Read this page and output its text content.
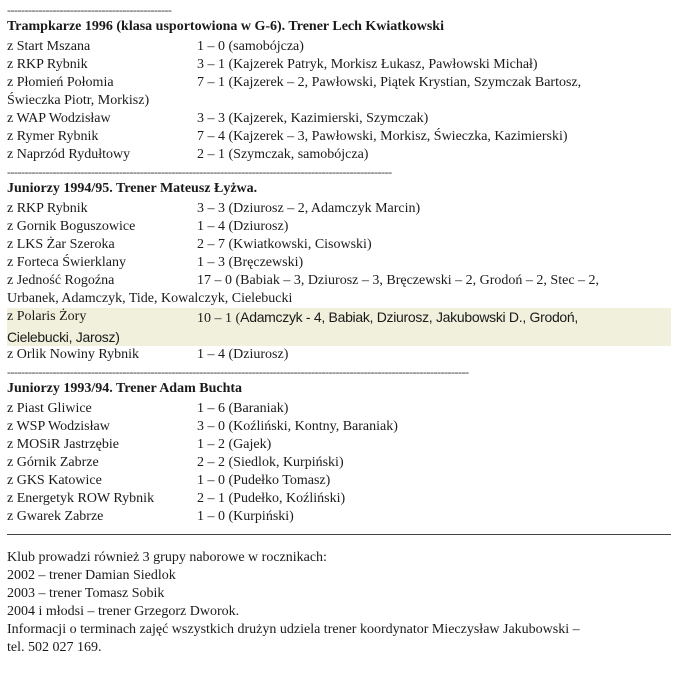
-----------------------------------------------
Trampkarze 1996 (klasa usportowiona w G-6). Trener Lech Kwiatkowski
z Start Mszana	1 – 0 (samobójcza)
z RKP Rybnik	3 – 1 (Kajzerek Patryk, Morkisz Łukasz, Pawłowski Michał)
z Płomień Połomia	7 – 1 (Kajzerek – 2, Pawłowski, Piątek Krystian, Szymczak Bartosz,
Świeczka Piotr, Morkisz)	
z WAP Wodzisław	3 – 3 (Kajzerek, Kazimierski, Szymczak)
z Rymer Rybnik	7 – 4 (Kajzerek – 3, Pawłowski, Morkisz, Świeczka, Kazimierski)
z Naprzód Rydułtowy	2 – 1 (Szymczak, samobójcza)
--------------------------------------------------------------------------------------------------------------
Juniorzy 1994/95. Trener Mateusz Łyżwa.
z RKP Rybnik	3 – 3 (Dziurosz – 2, Adamczyk Marcin)
z Gornik Boguszowice	1 – 4 (Dziurosz)
z LKS Żar Szeroka	2 – 7 (Kwiatkowski, Cisowski)
z Forteca Świerklany	1 – 3 (Bręczewski)
z Jedność Rogoźna	17 – 0 (Babiak – 3, Dziurosz – 3, Bręczewski – 2, Grodoń – 2, Stec – 2,
Urbanek, Adamczyk, Tide, Kowalczyk, Cielebucki	
z Polaris Żory	10 – 1 (Adamczyk - 4, Babiak, Dziurosz, Jakubowski D., Grodoń,
Cielebucki, Jarosz)	
z Orlik Nowiny Rybnik	1 – 4 (Dziurosz)
------------------------------------------------------------------------------------------------------------------------------------
Juniorzy 1993/94. Trener Adam Buchta
z Piast Gliwice	1 – 6 (Baraniak)
z WSP Wodzisław	3 – 0 (Koźliński, Kontny, Baraniak)
z MOSiR Jastrzębie	1 – 2 (Gajek)
z Górnik Zabrze	2 – 2 (Siedlok, Kurpiński)
z GKS Katowice	1 – 0 (Pudełko Tomasz)
z Energetyk ROW Rybnik	2 – 1 (Pudełko, Koźliński)
z Gwarek Zabrze	1 – 0 (Kurpiński)
Klub prowadzi również 3 grupy naborowe w rocznikach:
2002 – trener Damian Siedlok
2003 – trener Tomasz Sobik
2004 i młodsi – trener Grzegorz Dworok.
Informacji o terminach zajęć wszystkich drużyn udziela trener koordynator Mieczysław Jakubowski –
tel. 502 027 169.
